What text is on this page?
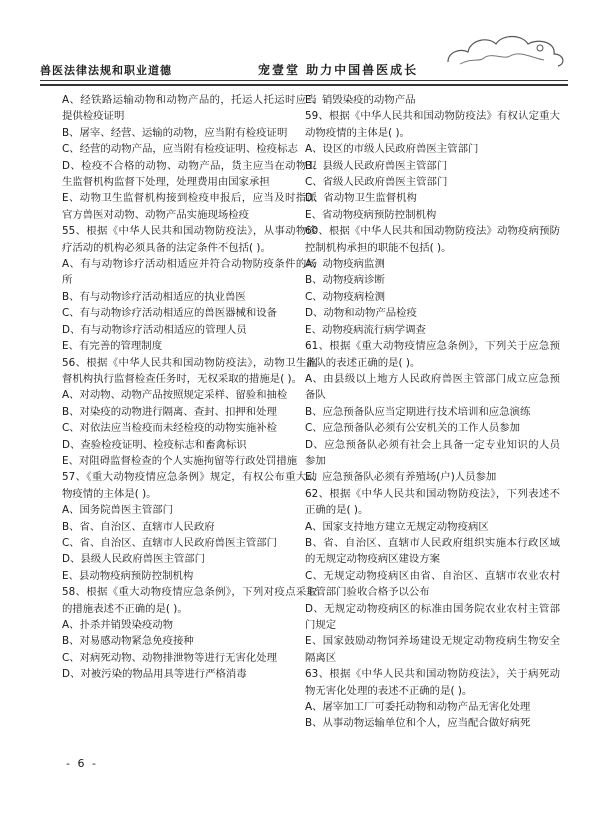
兽医法律法规和职业道德	宠壹堂 助力中国兽医成长

A、经铁路运输动物和动物产品的，托运人托运时应当提供检疫证明

B、屠宰、经营、运输的动物，应当附有检疫证明

C、经营的动物产品，应当附有检疫证明、检疫标志

D、检疫不合格的动物、动物产品，货主应当在动物卫生监督机构监督下处理，处理费用由国家承担

E、动物卫生监督机构接到检疫申报后，应当及时指派官方兽医对动物、动物产品实施现场检疫

55、根据《中华人民共和国动物防疫法》，从事动物诊疗活动的机构必须具备的法定条件不包括( )。

A、有与动物诊疗活动相适应并符合动物防疫条件的场所

B、有与动物诊疗活动相适应的执业兽医

C、有与动物诊疗活动相适应的兽医器械和设备

D、有与动物诊疗活动相适应的管理人员

E、有完善的管理制度

56、根据《中华人民共和国动物防疫法》，动物卫生监督机构执行监督检查任务时，无权采取的措施是( )。

A、对动物、动物产品按照规定采样、留验和抽检

B、对染疫的动物进行隔离、查封、扣押和处理

C、对依法应当检疫而未经检疫的动物实施补检

D、查验检疫证明、检疫标志和畜禽标识

E、对阻碍监督检查的个人实施拘留等行政处罚措施

57、《重大动物疫情应急条例》规定，有权公布重大动物疫情的主体是( )。

A、国务院兽医主管部门

B、省、自治区、直辖市人民政府

C、省、自治区、直辖市人民政府兽医主管部门

D、县级人民政府兽医主管部门

E、县动物疫病预防控制机构

58、根据《重大动物疫情应急条例》，下列对疫点采取的措施表述不正确的是( )。

A、扑杀并销毁染疫动物

B、对易感动物紧急免疫接种

C、对病死动物、动物排泄物等进行无害化处理

D、对被污染的物品用具等进行严格消毒

E、销毁染疫的动物产品

59、根据《中华人民共和国动物防疫法》有权认定重大动物疫情的主体是( )。

A、设区的市级人民政府兽医主管部门

B、县级人民政府兽医主管部门

C、省级人民政府兽医主管部门

D、省动物卫生监督机构

E、省动物疫病预防控制机构

60、根据《中华人民共和国动物防疫法》动物疫病预防控制机构承担的职能不包括( )。

A、动物疫病监测

B、动物疫病诊断

C、动物疫病检测

D、动物和动物产品检疫

E、动物疫病流行病学调查

61、根据《重大动物疫情应急条例》，下列关于应急预备队的表述正确的是( )。

A、由县级以上地方人民政府兽医主管部门成立应急预备队

B、应急预备队应当定期进行技术培训和应急演练

C、应急预备队必须有公安机关的工作人员参加

D、应急预备队必须有社会上具备一定专业知识的人员参加

E、应急预备队必须有养殖场(户)人员参加

62、根据《中华人民共和国动物防疫法》，下列表述不正确的是( )。

A、国家支持地方建立无规定动物疫病区

B、省、自治区、直辖市人民政府组织实施本行政区域的无规定动物疫病区建设方案

C、无规定动物疫病区由省、自治区、直辖市农业农村主管部门验收合格予以公布

D、无规定动物疫病区的标准由国务院农业农村主管部门规定

E、国家鼓励动物饲养场建设无规定动物疫病生物安全隔离区

63、根据《中华人民共和国动物防疫法》，关于病死动物无害化处理的表述不正确的是( )。

A、屠宰加工厂可委托动物和动物产品无害化处理

B、从事动物运输单位和个人，应当配合做好病死

- 6 -
